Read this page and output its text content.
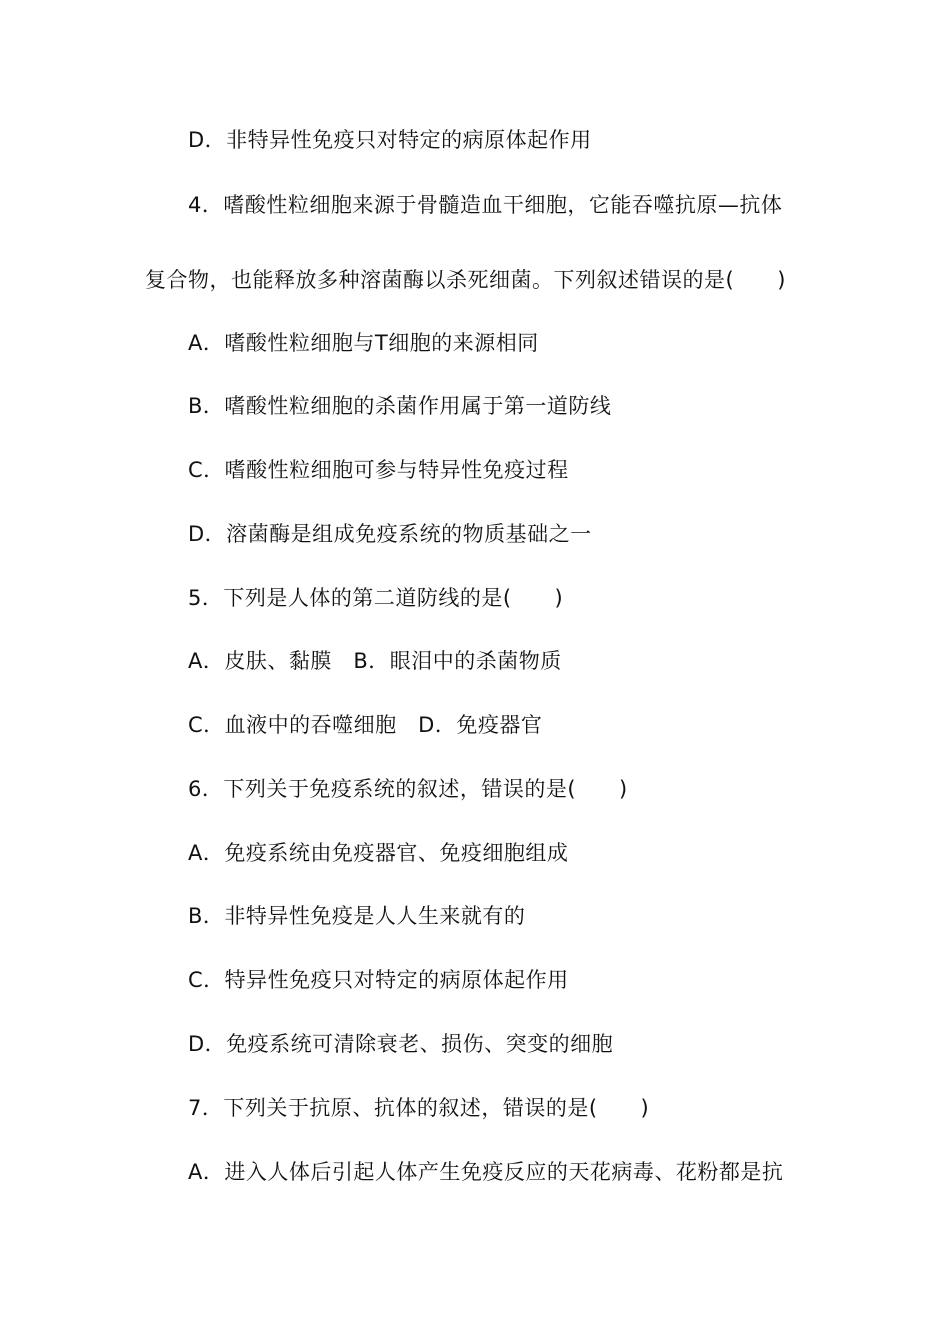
D．非特异性免疫只对特定的病原体起作用
4．嗜酸性粒细胞来源于骨髓造血干细胞，它能吞噬抗原—抗体
复合物，也能释放多种溶菌酶以杀死细菌。下列叙述错误的是(　　)
A．嗜酸性粒细胞与T细胞的来源相同
B．嗜酸性粒细胞的杀菌作用属于第一道防线
C．嗜酸性粒细胞可参与特异性免疫过程
D．溶菌酶是组成免疫系统的物质基础之一
5．下列是人体的第二道防线的是(　　)
A．皮肤、黏膜　B．眼泪中的杀菌物质
C．血液中的吞噬细胞　D．免疫器官
6．下列关于免疫系统的叙述，错误的是(　　)
A．免疫系统由免疫器官、免疫细胞组成
B．非特异性免疫是人人生来就有的
C．特异性免疫只对特定的病原体起作用
D．免疫系统可清除衰老、损伤、突变的细胞
7．下列关于抗原、抗体的叙述，错误的是(　　)
A．进入人体后引起人体产生免疫反应的天花病毒、花粉都是抗
